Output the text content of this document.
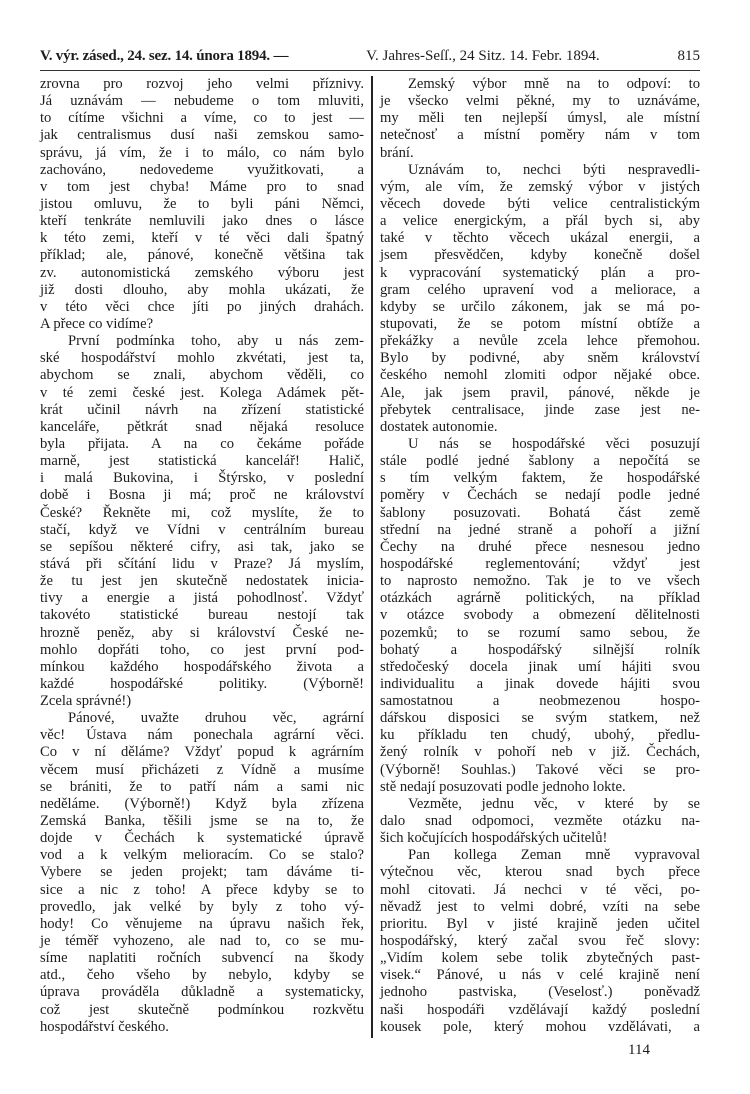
V. výr. zásed., 24. sez. 14. února 1894. —	V. Jahres-Seſſ., 24 Sitz. 14. Febr. 1894.	815
zrovna pro rozvoj jeho velmi příznivy.
Já uznávám — nebudeme o tom mluviti,
to cítíme všichni a víme, co to jest —
jak centralismus dusí naši zemskou samo-
správu, já vím, že i to málo, co nám bylo
zachováno, nedovedeme využitkovati, a
v tom jest chyba! Máme pro to snad
jistou omluvu, že to byli páni Němci,
kteří tenkráte nemluvili jako dnes o lásce
k této zemi, kteří v té věci dali špatný
příklad; ale, pánové, konečně většina tak
zv. autonomistická zemského výboru jest
již dosti dlouho, aby mohla ukázati, že
v této věci chce jíti po jiných drahách.
A přece co vidíme?
První podmínka toho, aby u nás zem-
ské hospodářství mohlo zkvétati, jest ta,
abychom se znali, abychom věděli, co
v té zemi české jest. Kolega Adámek pět-
krát učinil návrh na zřízení statistické
kanceláře, pětkrát snad nějaká resoluce
byla přijata. A na co čekáme pořáde
marně, jest statistická kancelář! Halič,
i malá Bukovina, i Štýrsko, v poslední
době i Bosna ji má; proč ne království
České? Řekněte mi, což myslíte, že to
stačí, když ve Vídni v centrálním bureau
se sepíšou některé cifry, asi tak, jako se
stává při sčítání lidu v Praze? Já myslím,
že tu jest jen skutečně nedostatek inicia-
tivy a energie a jistá pohodlnosť. Vždyť
takovéto statistické bureau nestojí tak
hrozně peněz, aby si království České ne-
mohlo dopřáti toho, co jest první pod-
mínkou každého hospodářského života a
každé hospodářské politiky. (Výborně!
Zcela správné!)
Pánové, uvažte druhou věc, agrární
věc! Ústava nám ponechala agrární věci.
Co v ní děláme? Vždyť popud k agrárním
věcem musí přicházeti z Vídně a musíme
se brániti, že to patří nám a sami nic
neděláme. (Výborně!) Když byla zřízena
Zemská Banka, těšili jsme se na to, že
dojde v Čechách k systematické úpravě
vod a k velkým melioracím. Co se stalo?
Vybere se jeden projekt; tam dáváme ti-
sice a nic z toho! A přece kdyby se to
provedlo, jak velké by byly z toho vý-
hody! Co věnujeme na úpravu našich řek,
je téměř vyhozeno, ale nad to, co se mu-
síme naplatiti ročních subvencí na škody
atd., čeho všeho by nebylo, kdyby se
úprava prováděla důkladně a systematicky,
což jest skutečně podmínkou rozkvětu
hospodářství českého.
Zemský výbor mně na to odpoví: to
je všecko velmi pěkné, my to uznáváme,
my měli ten nejlepší úmysl, ale místní
netečnosť a místní poměry nám v tom
brání.
Uznávám to, nechci býti nespravedli-
vým, ale vím, že zemský výbor v jistých
věcech dovede býti velice centralistickým
a velice energickým, a přál bych si, aby
také v těchto věcech ukázal energii, a
jsem přesvědčen, kdyby konečně došel
k vypracování systematický plán a pro-
gram celého upravení vod a meliorace, a
kdyby se určilo zákonem, jak se má po-
stupovati, že se potom místní obtíže a
překážky a nevůle zcela lehce přemohou.
Bylo by podivné, aby sněm království
českého nemohl zlomiti odpor nějaké obce.
Ale, jak jsem pravil, pánové, někde je
přebytek centralisace, jinde zase jest ne-
dostatek autonomie.
U nás se hospodářské věci posuzují
stále podlé jedné šablony a nepočítá se
s tím velkým faktem, že hospodářské
poměry v Čechách se nedají podle jedné
šablony posuzovati. Bohatá část země
střední na jedné straně a pohoří a jižní
Čechy na druhé přece nesnesou jedno
hospodářské reglementování; vždyť jest
to naprosto nemožno. Tak je to ve všech
otázkách agrárně politických, na příklad
v otázce svobody a obmezení dělitelnosti
pozemků; to se rozumí samo sebou, že
bohatý a hospodářský silnější rolník
středočeský docela jinak umí hájiti svou
individualitu a jinak dovede hájiti svou
samostatnou a neobmezenou hospo-
dářskou disposici se svým statkem, než
ku příkladu ten chudý, ubohý, předlu-
žený rolník v pohoří neb v již. Čechách,
(Výborně! Souhlas.) Takové věci se pro-
stě nedají posuzovati podle jednoho lokte.
Vezměte, jednu věc, v které by se
dalo snad odpomoci, vezměte otázku na-
šich kočujících hospodářských učitelů!
Pan kollega Zeman mně vypravoval
výtečnou věc, kterou snad bych přece
mohl citovati. Já nechci v té věci, po-
něvadž jest to velmi dobré, vzíti na sebe
prioritu. Byl v jisté krajině jeden učitel
hospodářský, který začal svou řeč slovy:
„Vidím kolem sebe tolik zbytečných past-
visek.“ Pánové, u nás v celé krajině není
jednoho pastviska, (Veselosť.) poněvadž
naši hospodáři vzdělávají každý poslední
kousek pole, který mohou vzdělávati, a
114
